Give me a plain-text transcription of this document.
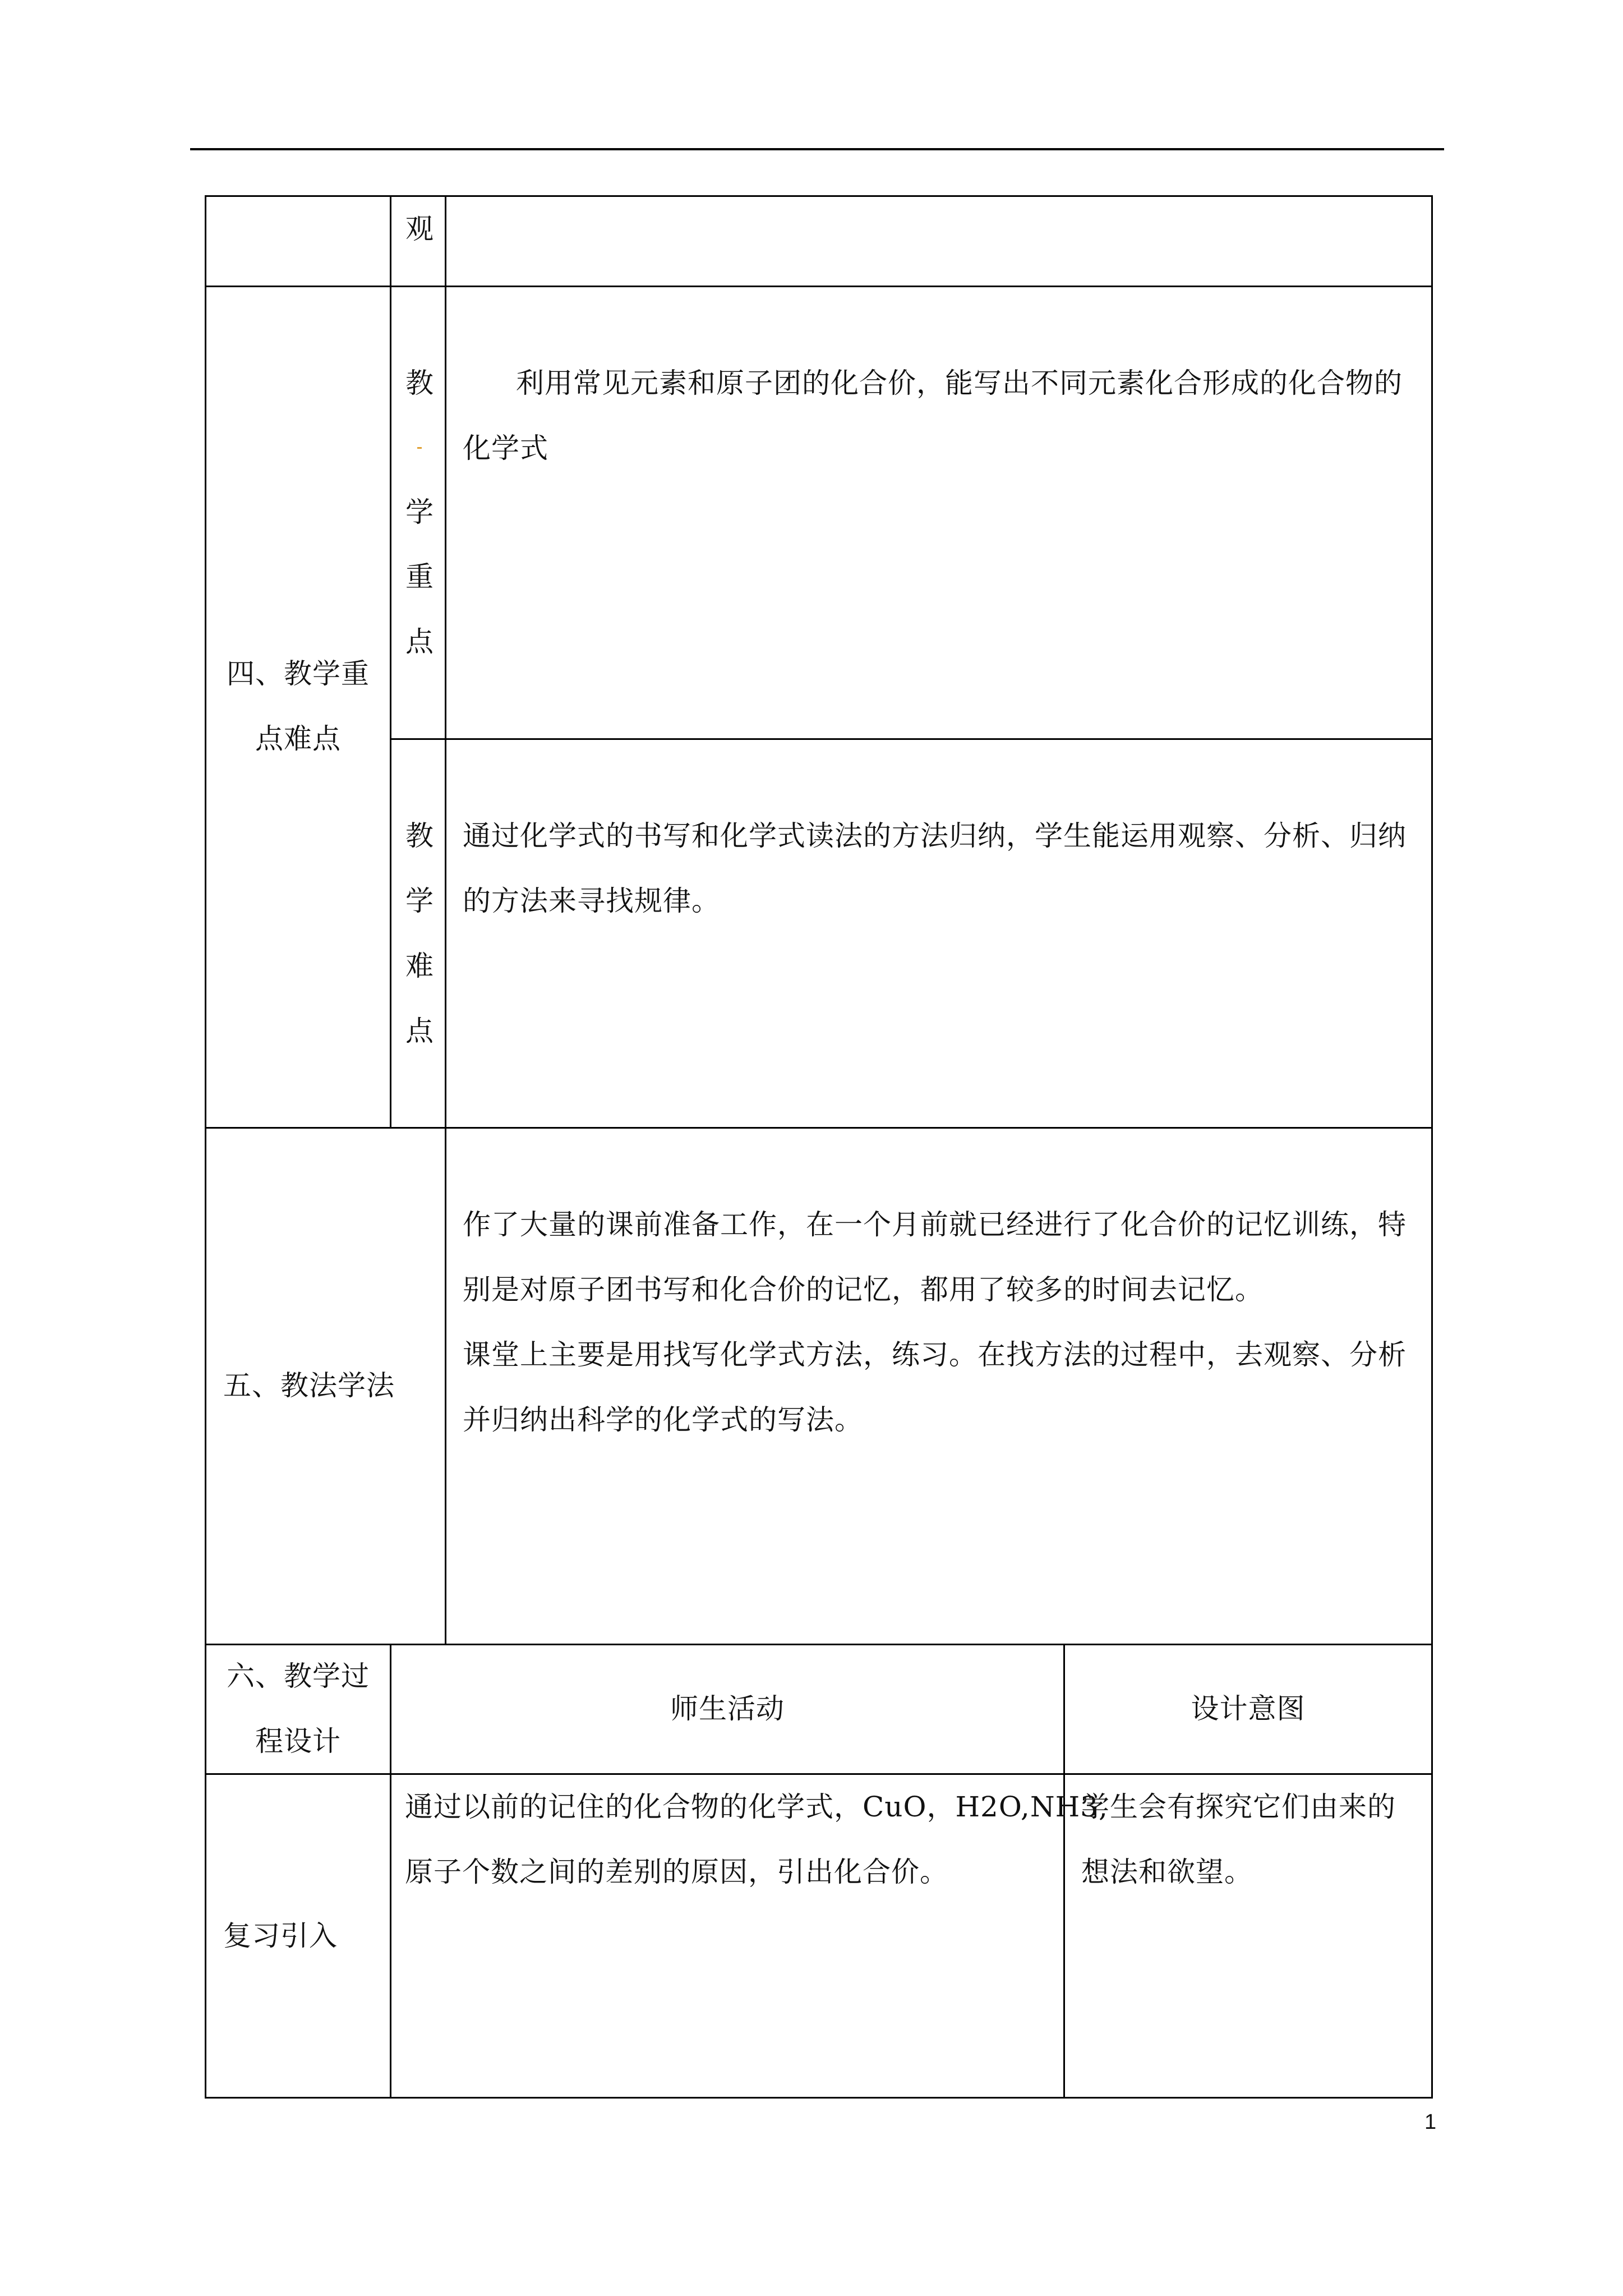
观
四、教学重
点难点
教
学
重
点
利用常见元素和原子团的化合价，能写出不同元素化合形成的化合物的
化学式
教
学
难
点
通过化学式的书写和化学式读法的方法归纳，学生能运用观察、分析、归纳
的方法来寻找规律。
五、教法学法
作了大量的课前准备工作，在一个月前就已经进行了化合价的记忆训练，特
别是对原子团书写和化合价的记忆，都用了较多的时间去记忆。
课堂上主要是用找写化学式方法，练习。在找方法的过程中，去观察、分析
并归纳出科学的化学式的写法。
六、教学过
程设计
师生活动	设计意图
复习引入
通过以前的记住的化合物的化学式，CuO，H2O,NH3,
原子个数之间的差别的原因，引出化合价。
学生会有探究它们由来的
想法和欲望。
1
